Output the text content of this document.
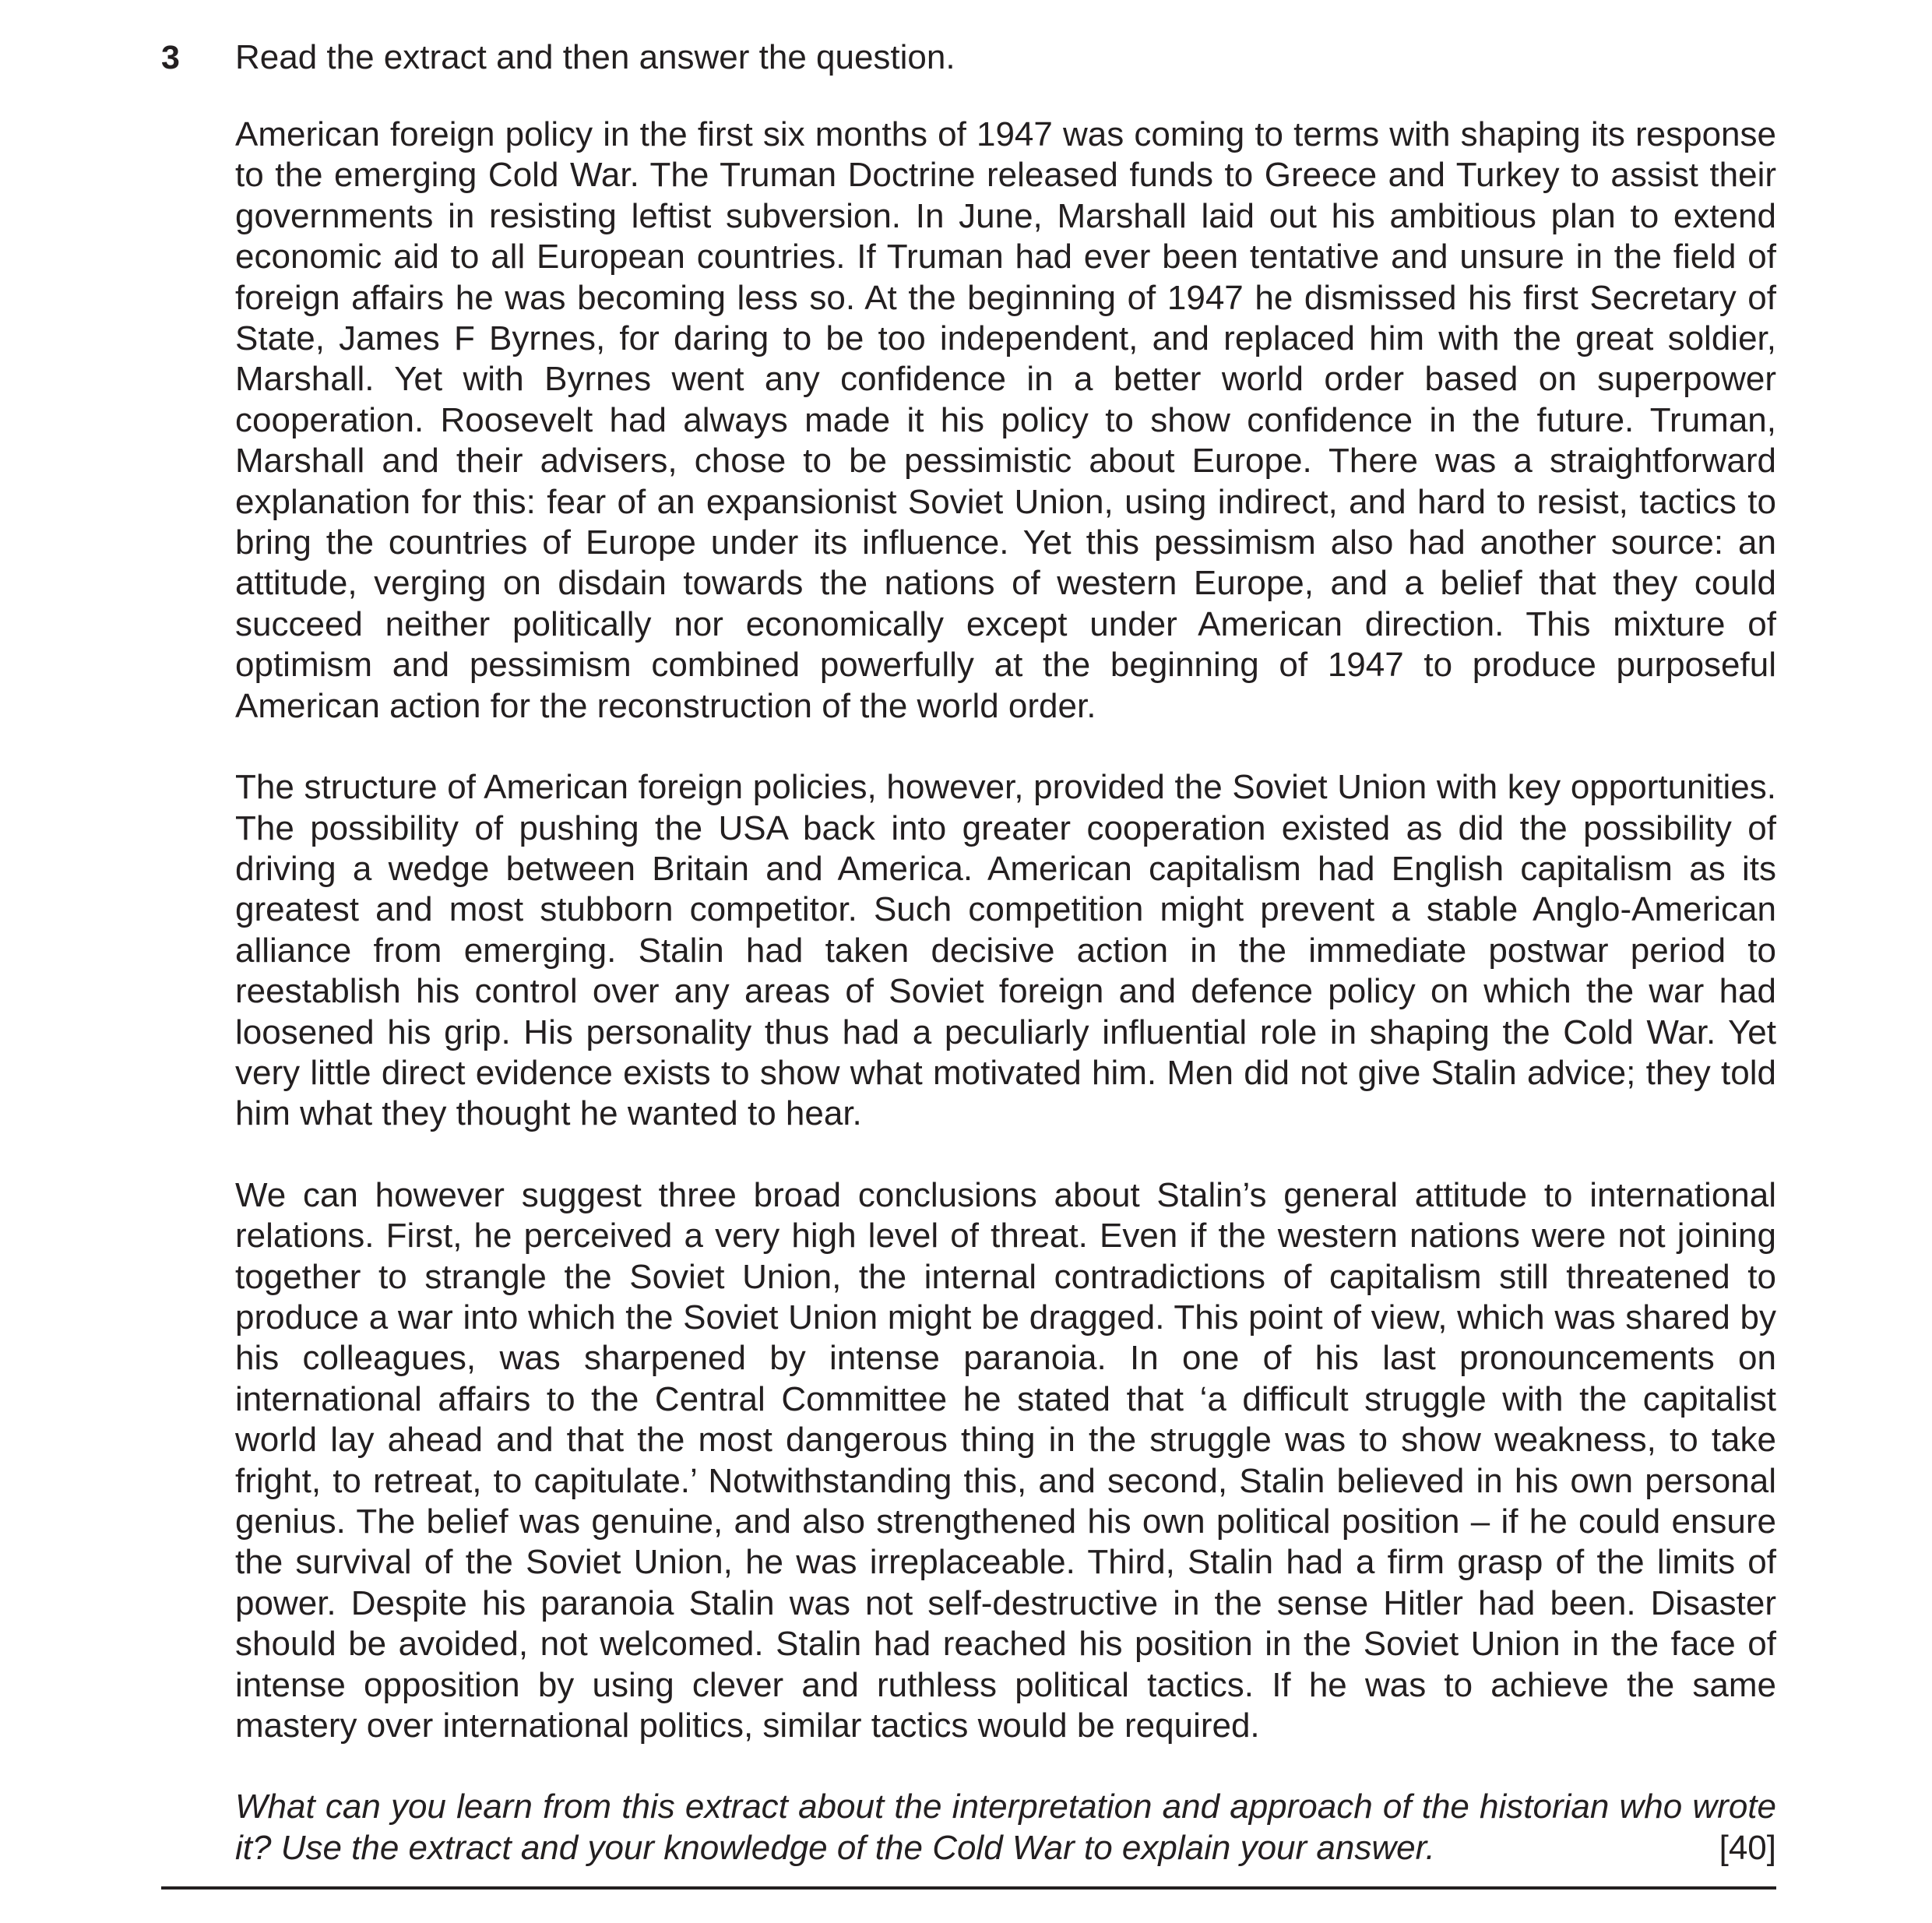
3 Read the extract and then answer the question.

American foreign policy in the first six months of 1947 was coming to terms with shaping its response to the emerging Cold War. The Truman Doctrine released funds to Greece and Turkey to assist their governments in resisting leftist subversion. In June, Marshall laid out his ambitious plan to extend economic aid to all European countries. If Truman had ever been tentative and unsure in the field of foreign affairs he was becoming less so. At the beginning of 1947 he dismissed his first Secretary of State, James F Byrnes, for daring to be too independent, and replaced him with the great soldier, Marshall. Yet with Byrnes went any confidence in a better world order based on superpower cooperation. Roosevelt had always made it his policy to show confidence in the future. Truman, Marshall and their advisers, chose to be pessimistic about Europe. There was a straightforward explanation for this: fear of an expansionist Soviet Union, using indirect, and hard to resist, tactics to bring the countries of Europe under its influence. Yet this pessimism also had another source: an attitude, verging on disdain towards the nations of western Europe, and a belief that they could succeed neither politically nor economically except under American direction. This mixture of optimism and pessimism combined powerfully at the beginning of 1947 to produce purposeful American action for the reconstruction of the world order.

The structure of American foreign policies, however, provided the Soviet Union with key opportunities. The possibility of pushing the USA back into greater cooperation existed as did the possibility of driving a wedge between Britain and America. American capitalism had English capitalism as its greatest and most stubborn competitor. Such competition might prevent a stable Anglo-American alliance from emerging. Stalin had taken decisive action in the immediate postwar period to reestablish his control over any areas of Soviet foreign and defence policy on which the war had loosened his grip. His personality thus had a peculiarly influential role in shaping the Cold War. Yet very little direct evidence exists to show what motivated him. Men did not give Stalin advice; they told him what they thought he wanted to hear.

We can however suggest three broad conclusions about Stalin’s general attitude to international relations. First, he perceived a very high level of threat. Even if the western nations were not joining together to strangle the Soviet Union, the internal contradictions of capitalism still threatened to produce a war into which the Soviet Union might be dragged. This point of view, which was shared by his colleagues, was sharpened by intense paranoia. In one of his last pronouncements on international affairs to the Central Committee he stated that ‘a difficult struggle with the capitalist world lay ahead and that the most dangerous thing in the struggle was to show weakness, to take fright, to retreat, to capitulate.’ Notwithstanding this, and second, Stalin believed in his own personal genius. The belief was genuine, and also strengthened his own political position – if he could ensure the survival of the Soviet Union, he was irreplaceable. Third, Stalin had a firm grasp of the limits of power. Despite his paranoia Stalin was not self-destructive in the sense Hitler had been. Disaster should be avoided, not welcomed. Stalin had reached his position in the Soviet Union in the face of intense opposition by using clever and ruthless political tactics. If he was to achieve the same mastery over international politics, similar tactics would be required.

What can you learn from this extract about the interpretation and approach of the historian who wrote it? Use the extract and your knowledge of the Cold War to explain your answer.	[40]
